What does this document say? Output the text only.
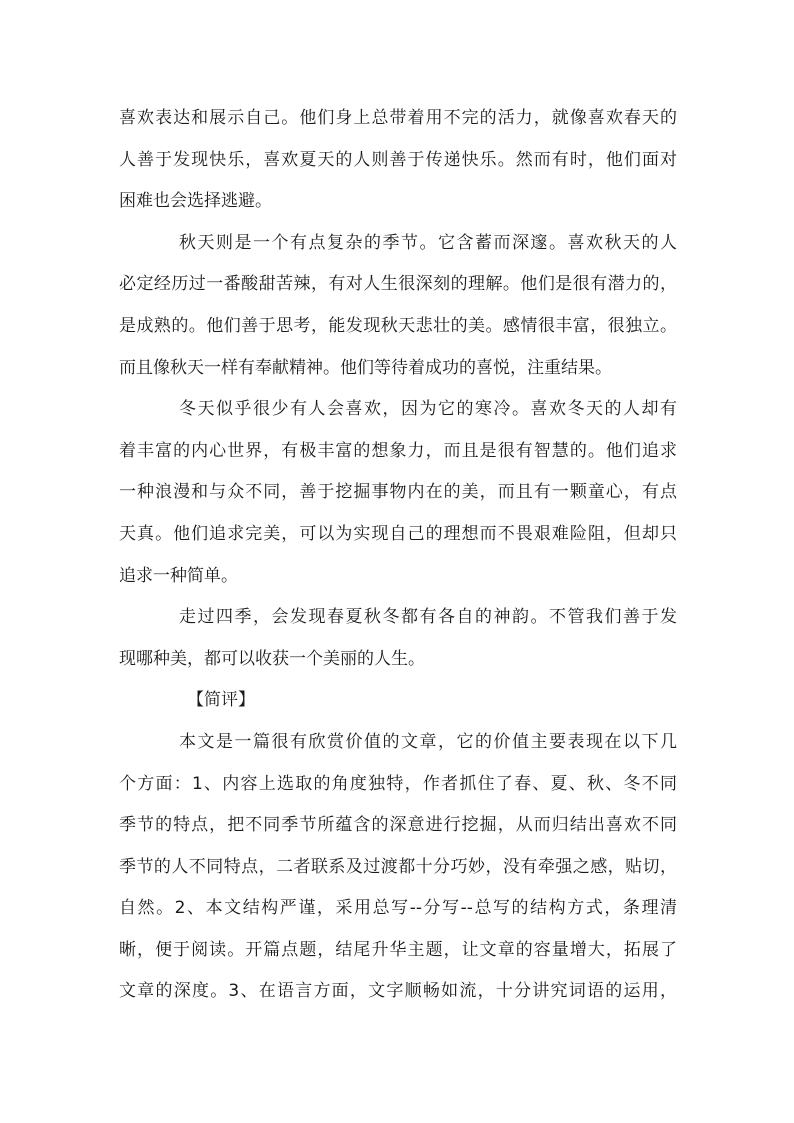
喜欢表达和展示自己。他们身上总带着用不完的活力，就像喜欢春天的
人善于发现快乐，喜欢夏天的人则善于传递快乐。然而有时，他们面对
困难也会选择逃避。
秋天则是一个有点复杂的季节。它含蓄而深邃。喜欢秋天的人
必定经历过一番酸甜苦辣，有对人生很深刻的理解。他们是很有潜力的，
是成熟的。他们善于思考，能发现秋天悲壮的美。感情很丰富，很独立。
而且像秋天一样有奉献精神。他们等待着成功的喜悦，注重结果。
冬天似乎很少有人会喜欢，因为它的寒冷。喜欢冬天的人却有
着丰富的内心世界，有极丰富的想象力，而且是很有智慧的。他们追求
一种浪漫和与众不同，善于挖掘事物内在的美，而且有一颗童心，有点
天真。他们追求完美，可以为实现自己的理想而不畏艰难险阻，但却只
追求一种简单。
走过四季，会发现春夏秋冬都有各自的神韵。不管我们善于发
现哪种美，都可以收获一个美丽的人生。
【简评】
本文是一篇很有欣赏价值的文章，它的价值主要表现在以下几
个方面：1、内容上选取的角度独特，作者抓住了春、夏、秋、冬不同
季节的特点，把不同季节所蕴含的深意进行挖掘，从而归结出喜欢不同
季节的人不同特点，二者联系及过渡都十分巧妙，没有牵强之感，贴切，
自然。2、本文结构严谨，采用总写--分写--总写的结构方式，条理清
晰，便于阅读。开篇点题，结尾升华主题，让文章的容量增大，拓展了
文章的深度。3、在语言方面，文字顺畅如流，十分讲究词语的运用，
